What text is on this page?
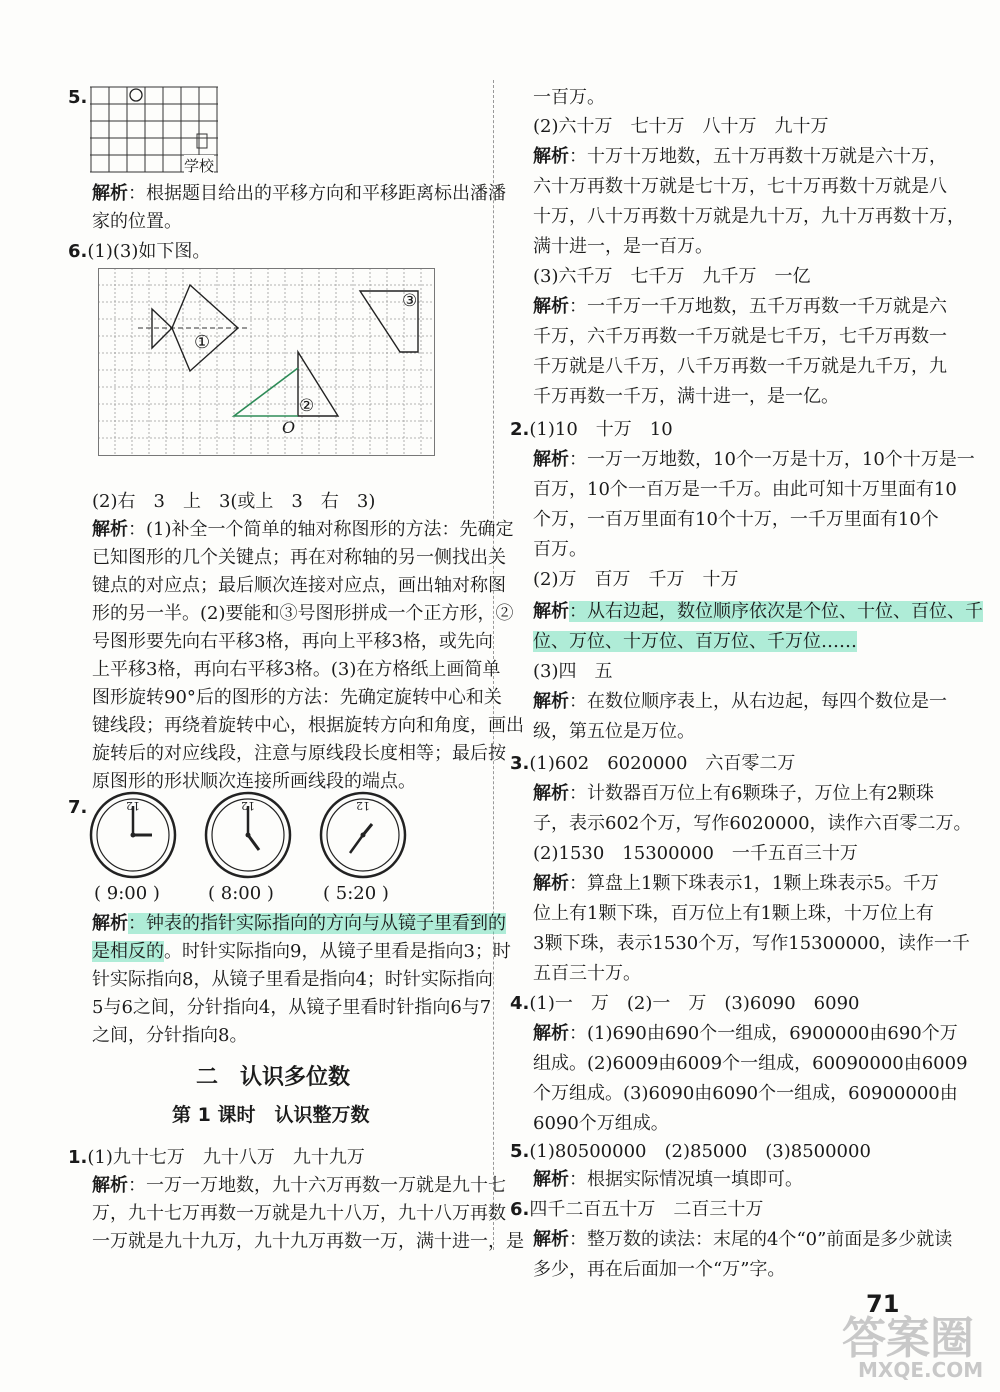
5.
学校
解析：根据题目给出的平移方向和平移距离标出潘潘
家的位置。
6.(1)(3)如下图。
①
②
③
O
(2)右　3　上　3(或上　3　右　3)
解析：(1)补全一个简单的轴对称图形的方法：先确定
已知图形的几个关键点；再在对称轴的另一侧找出关
键点的对应点；最后顺次连接对应点，画出轴对称图
形的另一半。(2)要能和③号图形拼成一个正方形，②
号图形要先向右平移3格，再向上平移3格，或先向
上平移3格，再向右平移3格。(3)在方格纸上画简单
图形旋转90°后的图形的方法：先确定旋转中心和关
键线段；再绕着旋转中心，根据旋转方向和角度，画出
旋转后的对应线段，注意与原线段长度相等；最后按
原图形的形状顺次连接所画线段的端点。
7.	12	12	12
( 9:00 )	( 8:00 )	( 5:20 )
解析：钟表的指针实际指向的方向与从镜子里看到的
是相反的。时针实际指向9，从镜子里看是指向3；时
针实际指向8，从镜子里看是指向4；时针实际指向
5与6之间，分针指向4，从镜子里看时针指向6与7
之间，分针指向8。
二　认识多位数
第 1 课时　认识整万数
1.(1)九十七万　九十八万　九十九万
解析：一万一万地数，九十六万再数一万就是九十七
万，九十七万再数一万就是九十八万，九十八万再数
一万就是九十九万，九十九万再数一万，满十进一，是
一百万。
(2)六十万　七十万　八十万　九十万
解析：十万十万地数，五十万再数十万就是六十万，
六十万再数十万就是七十万，七十万再数十万就是八
十万，八十万再数十万就是九十万，九十万再数十万，
满十进一，是一百万。
(3)六千万　七千万　九千万　一亿
解析：一千万一千万地数，五千万再数一千万就是六
千万，六千万再数一千万就是七千万，七千万再数一
千万就是八千万，八千万再数一千万就是九千万，九
千万再数一千万，满十进一，是一亿。
2.(1)10　十万　10
解析：一万一万地数，10个一万是十万，10个十万是一
百万，10个一百万是一千万。由此可知十万里面有10
个万，一百万里面有10个十万，一千万里面有10个
百万。
(2)万　百万　千万　十万
解析：从右边起，数位顺序依次是个位、十位、百位、千
位、万位、十万位、百万位、千万位……
(3)四　五
解析：在数位顺序表上，从右边起，每四个数位是一
级，第五位是万位。
3.(1)602　6020000　六百零二万
解析：计数器百万位上有6颗珠子，万位上有2颗珠
子，表示602个万，写作6020000，读作六百零二万。
(2)1530　15300000　一千五百三十万
解析：算盘上1颗下珠表示1，1颗上珠表示5。千万
位上有1颗下珠，百万位上有1颗上珠，十万位上有
3颗下珠，表示1530个万，写作15300000，读作一千
五百三十万。
4.(1)一　万　(2)一　万　(3)6090　6090
解析：(1)690由690个一组成，6900000由690个万
组成。(2)6009由6009个一组成，60090000由6009
个万组成。(3)6090由6090个一组成，60900000由
6090个万组成。
5.(1)80500000　(2)85000　(3)8500000
解析：根据实际情况填一填即可。
6.四千二百五十万　二百三十万
解析：整万数的读法：末尾的4个“0”前面是多少就读
多少，再在后面加一个“万”字。
71
答案圈
MXQE.COM
